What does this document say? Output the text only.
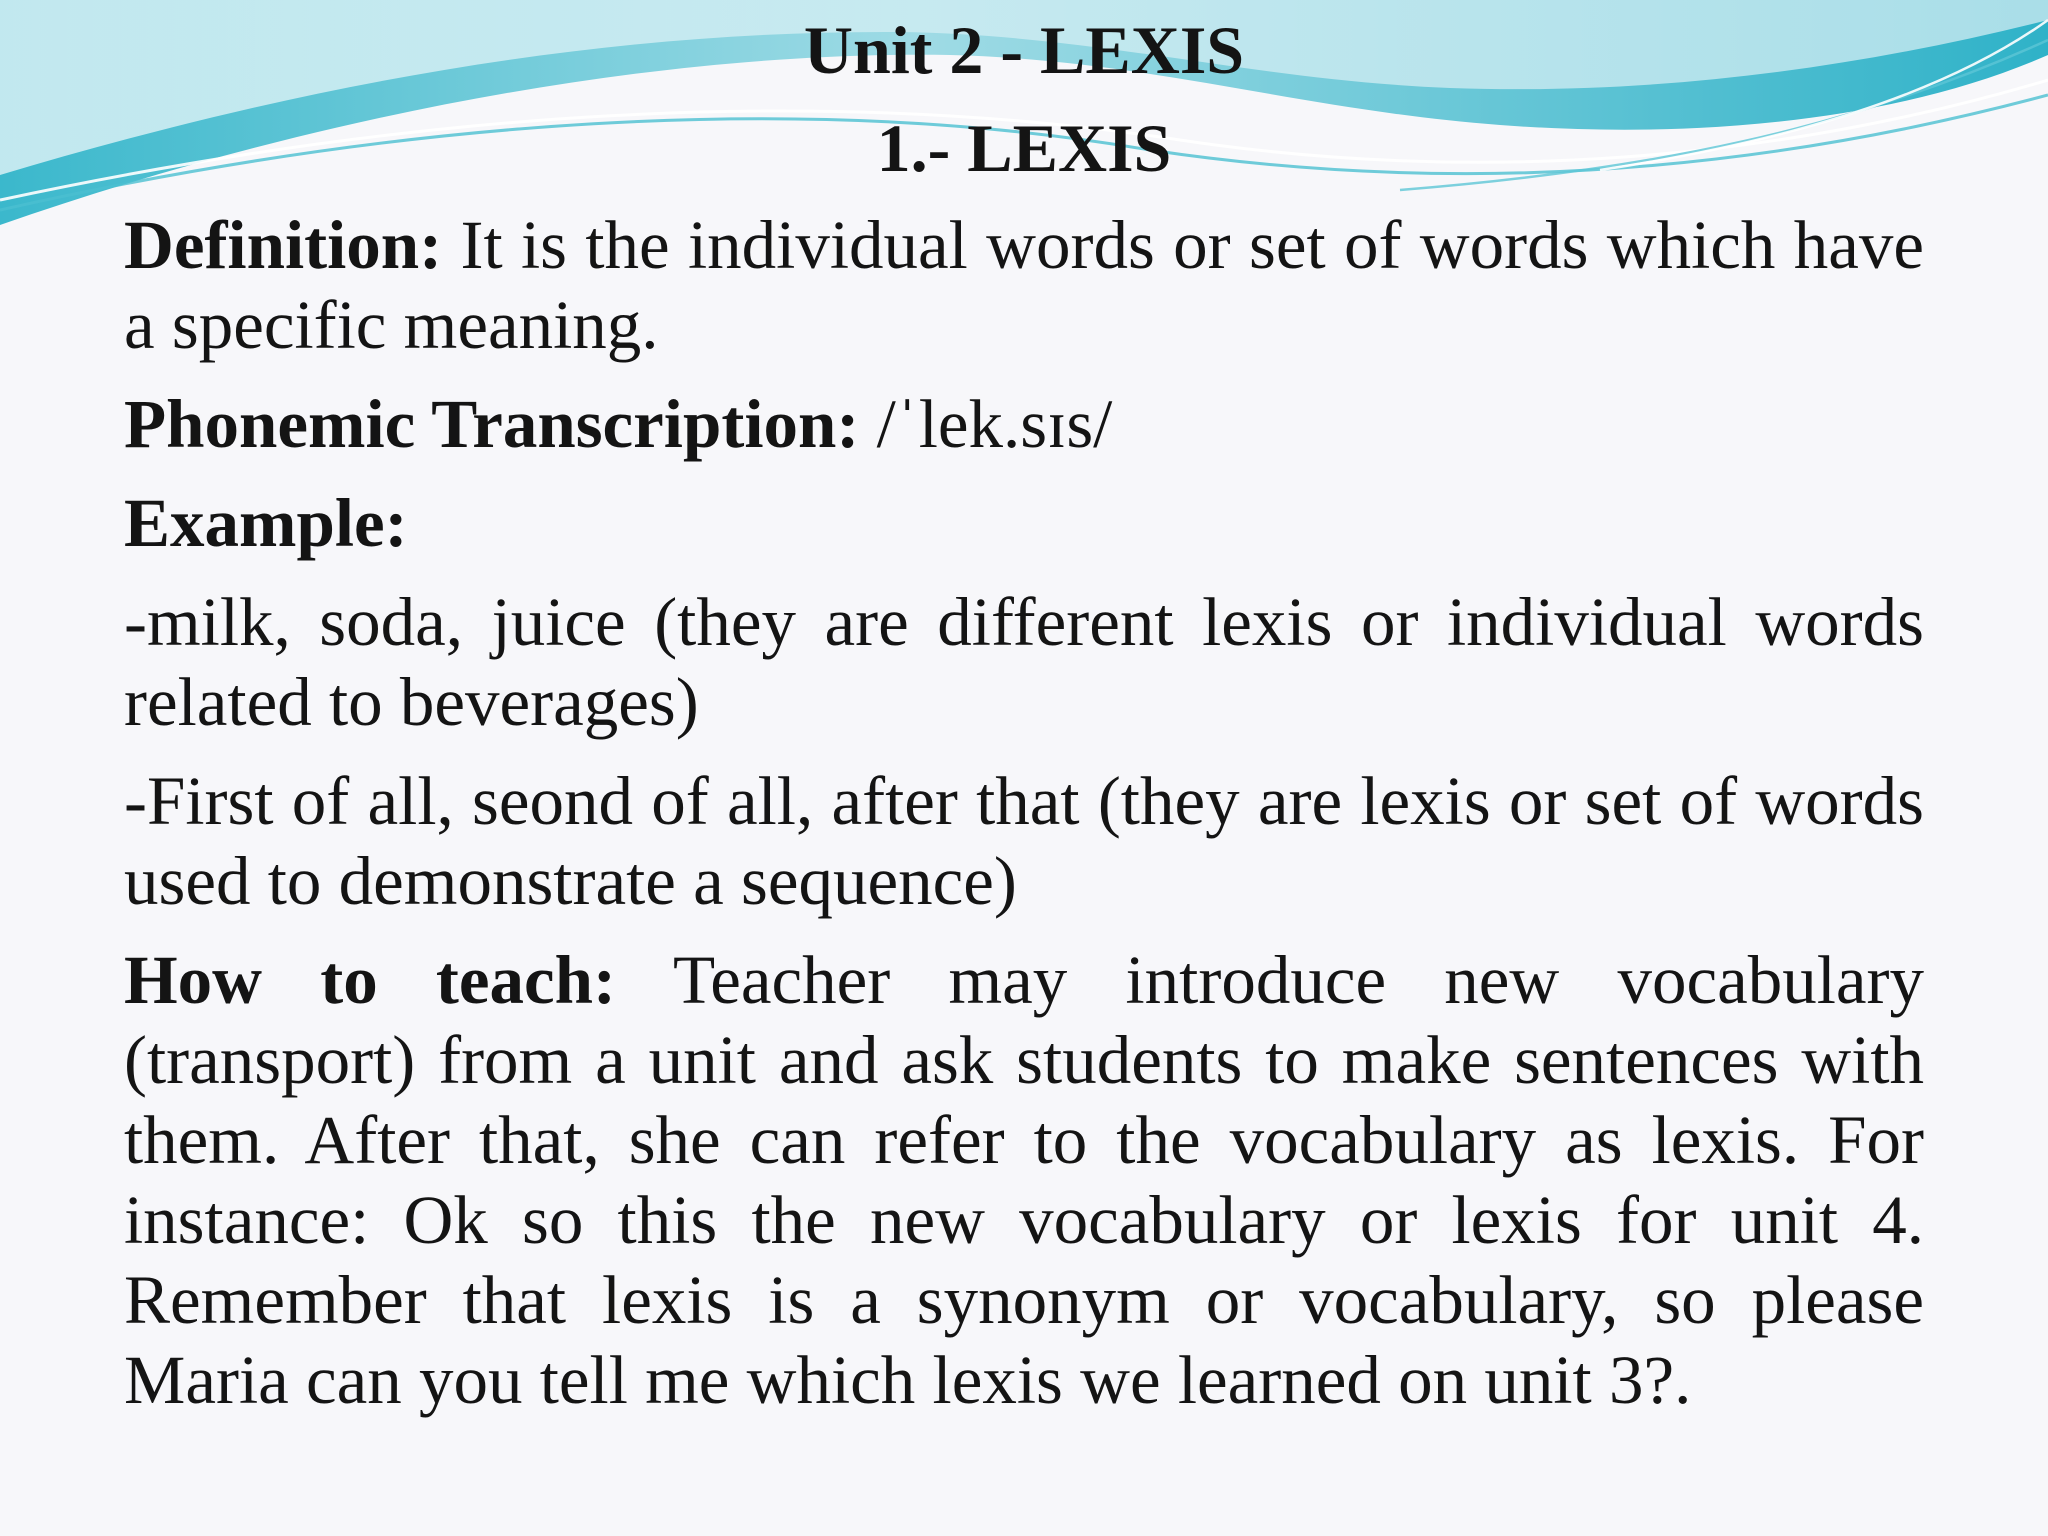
Unit 2 - LEXIS
1.- LEXIS

Definition: It is the individual words or set of words which have a specific meaning.

Phonemic Transcription: /ˈlek.sɪs/

Example:

-milk, soda, juice (they are different lexis or individual words related to beverages)

-First of all, seond of all, after that (they are lexis or set of words used to demonstrate a sequence)

How to teach: Teacher may introduce new vocabulary (transport) from a unit and ask students to make sentences with them. After that, she can refer to the vocabulary as lexis. For instance: Ok so this the new vocabulary or lexis for unit 4. Remember that lexis is a synonym or vocabulary, so please Maria can you tell me which lexis we learned on unit 3?.
